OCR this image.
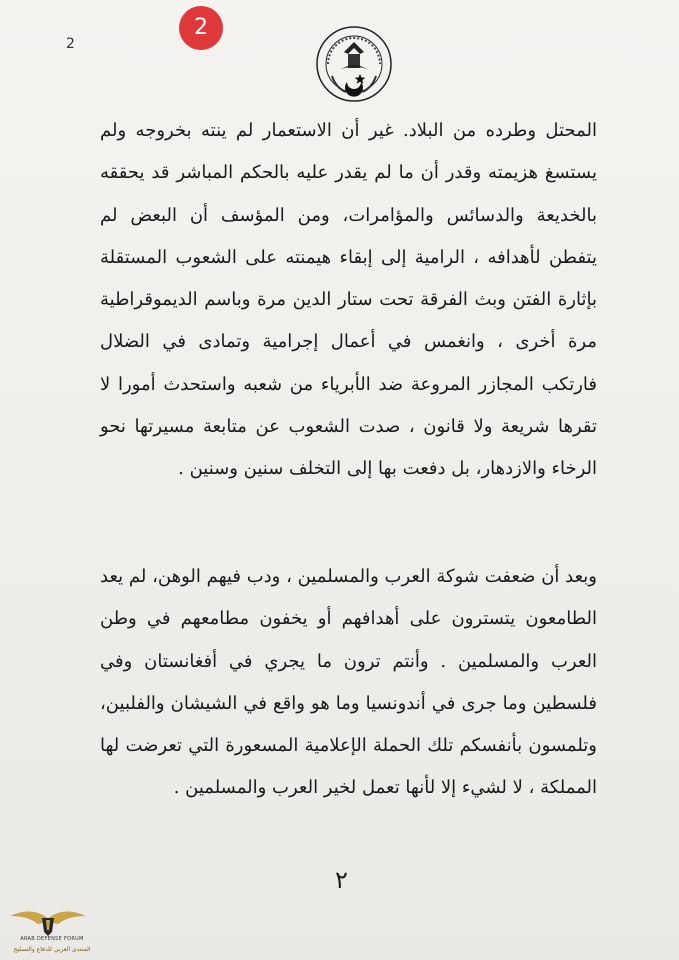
2
2

المحتل وطرده من البلاد. غير أن الاستعمار لم ينته بخروجه ولم يستسغ هزيمته وقدر أن ما لم يقدر عليه بالحكم المباشر قد يحققه بالخديعة والدسائس والمؤامرات، ومن المؤسف أن البعض لم يتفطن لأهدافه ، الرامية إلى إبقاء هيمنته على الشعوب المستقلة بإثارة الفتن وبث الفرقة تحت ستار الدين مرة وباسم الديموقراطية مرة أخرى ، وانغمس في أعمال إجرامية وتمادى في الضلال فارتكب المجازر المروعة ضد الأبرياء من شعبه واستحدث أمورا لا تقرها شريعة ولا قانون ، صدت الشعوب عن متابعة مسيرتها نحو الرخاء والازدهار، بل دفعت بها إلى التخلف سنين وسنين .

وبعد أن ضعفت شوكة العرب والمسلمين ، ودب فيهم الوهن، لم يعد الطامعون يتسترون على أهدافهم أو يخفون مطامعهم في وطن العرب والمسلمين . وأنتم ترون ما يجري في أفغانستان وفي فلسطين وما جرى في أندونسيا وما هو واقع في الشيشان والفلبين، وتلمسون بأنفسكم تلك الحملة الإعلامية المسعورة التي تعرضت لها المملكة ، لا لشيء إلا لأنها تعمل لخير العرب والمسلمين .

٢
ARAB DEFENSE FORUM
المنتدى العربي للدفاع والتسليح
